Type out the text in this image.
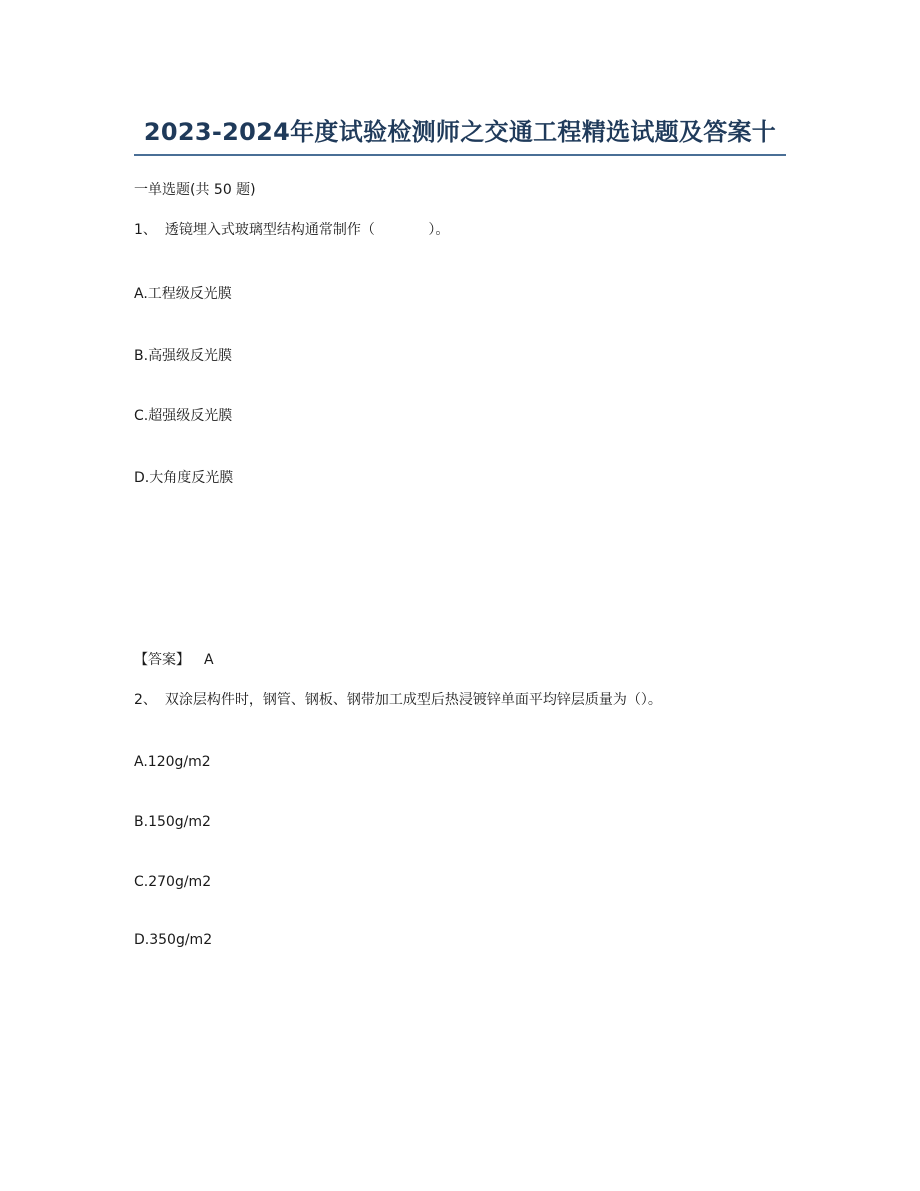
2023-2024年度试验检测师之交通工程精选试题及答案十
一单选题(共 50 题)
1、 透镜埋入式玻璃型结构通常制作（	）。
A.工程级反光膜
B.高强级反光膜
C.超强级反光膜
D.大角度反光膜
【答案】 A
2、 双涂层构件时，钢管、钢板、钢带加工成型后热浸镀锌单面平均锌层质量为（）。
A.120g/m2
B.150g/m2
C.270g/m2
D.350g/m2
